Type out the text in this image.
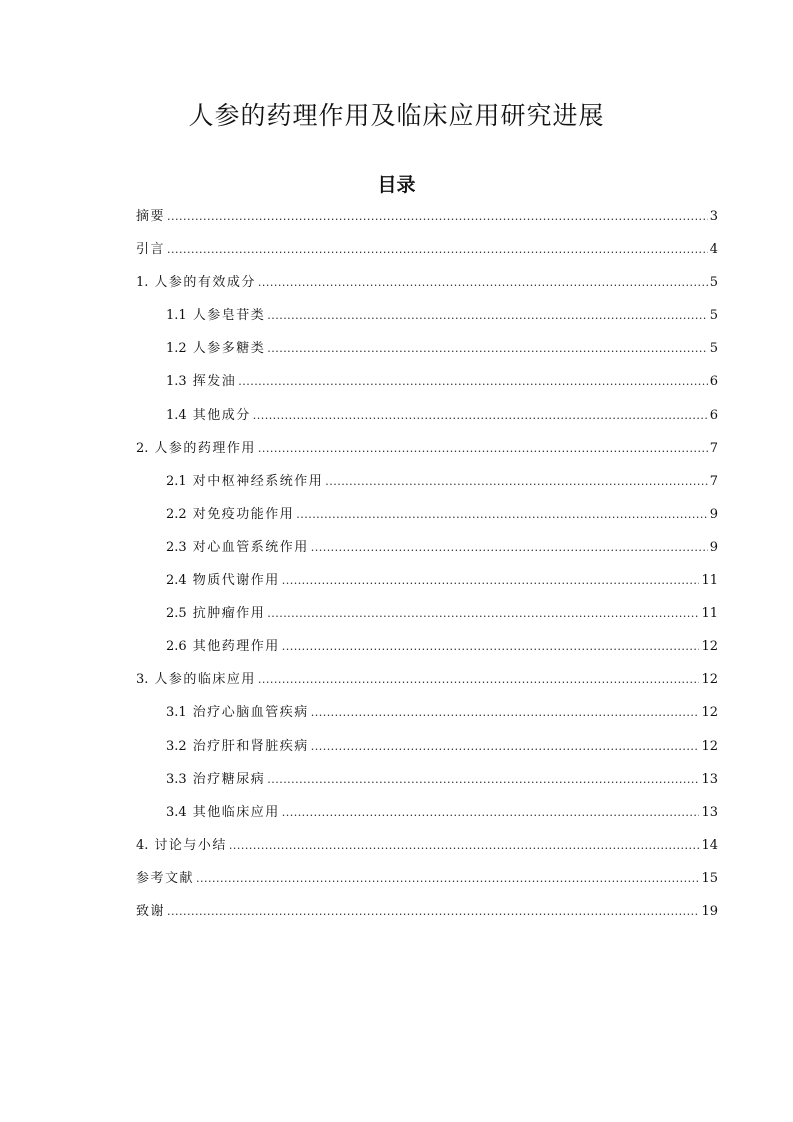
人参的药理作用及临床应用研究进展
目录
摘要 .....	3
引言 .....	4
1. 人参的有效成分 .....	5
1.1 人参皂苷类 .....	5
1.2 人参多糖类 .....	5
1.3 挥发油 .....	6
1.4 其他成分 .....	6
2. 人参的药理作用 .....	7
2.1 对中枢神经系统作用 .....	7
2.2 对免疫功能作用 .....	9
2.3 对心血管系统作用 .....	9
2.4 物质代谢作用 .....	11
2.5 抗肿瘤作用 .....	11
2.6 其他药理作用 .....	12
3. 人参的临床应用 .....	12
3.1 治疗心脑血管疾病 .....	12
3.2 治疗肝和肾脏疾病 .....	12
3.3 治疗糖尿病 .....	13
3.4 其他临床应用 .....	13
4. 讨论与小结 .....	14
参考文献 .....	15
致谢 .....	19
